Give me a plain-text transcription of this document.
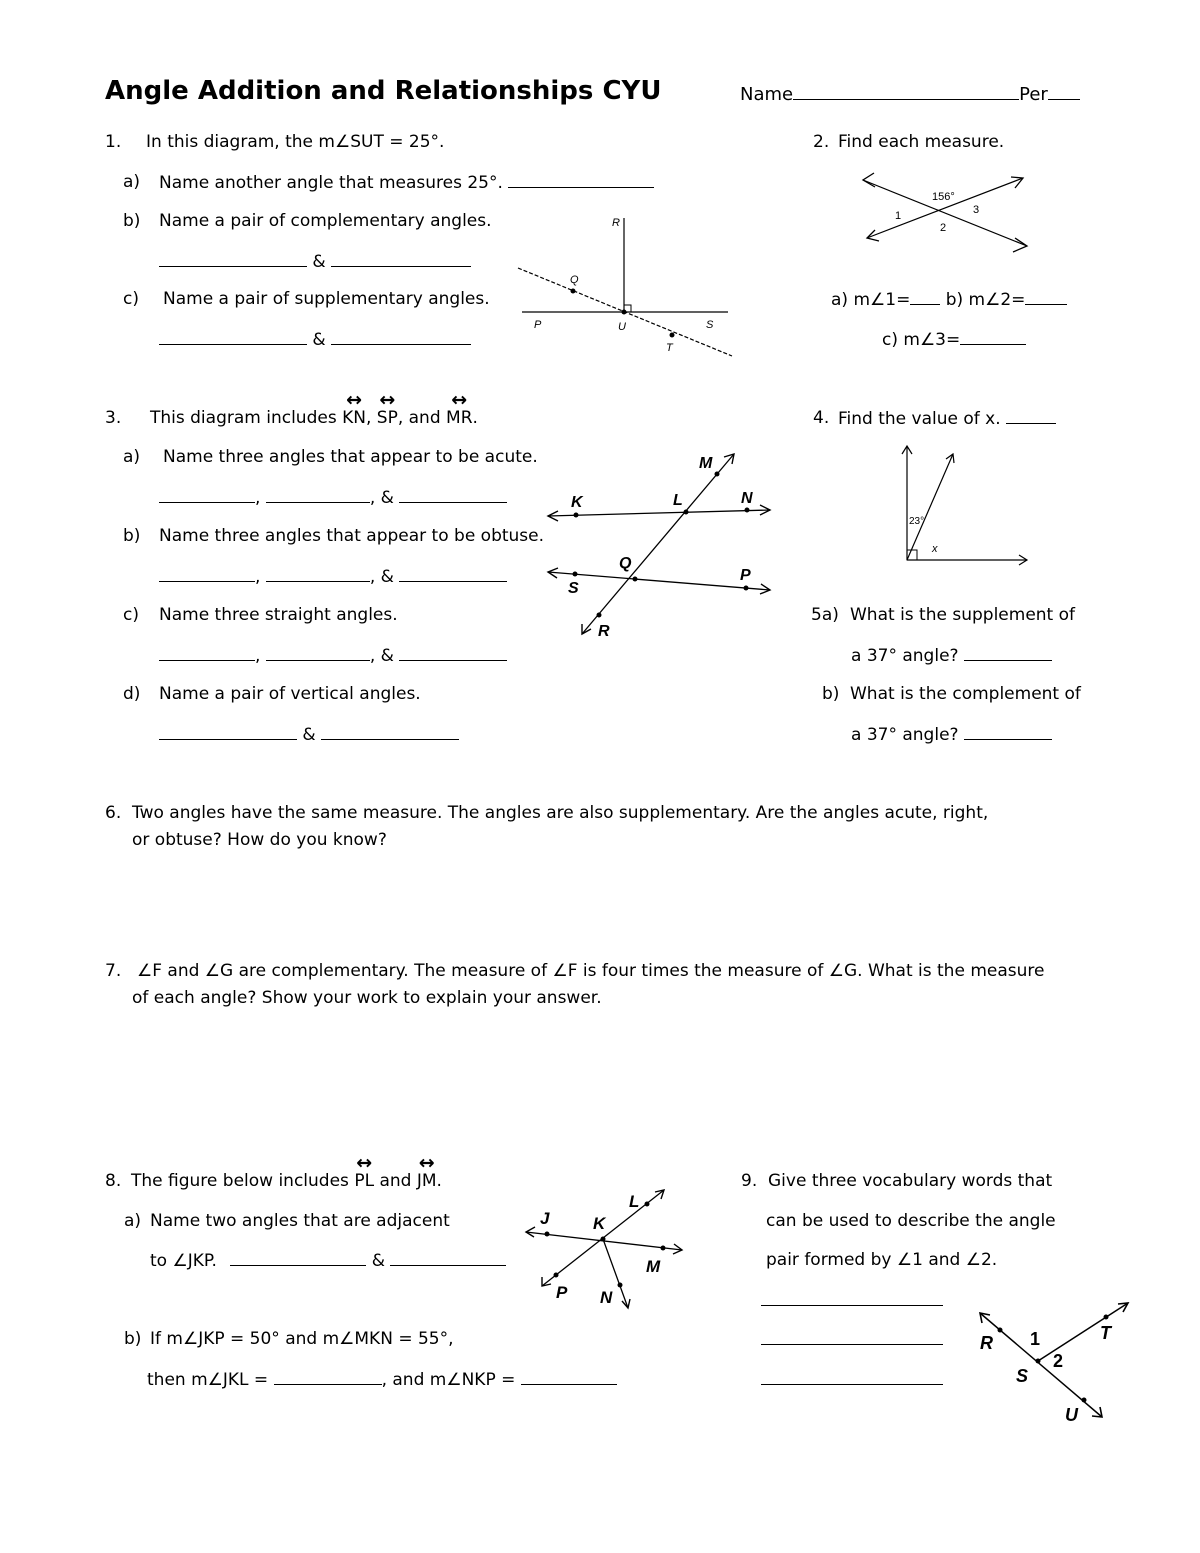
Angle Addition and Relationships CYU	Name	Per
1. In this diagram, the m∠SUT = 25°.
a) Name another angle that measures 25°.
b) Name a pair of complementary angles.
&
c) Name a pair of supplementary angles.
&
R
Q
P	U	S
T
2. Find each measure.
156°
1
2
3
a) m∠1= b) m∠2=
c) m∠3=
3. This diagram includes ↔ KN, ↔ SP, and ↔ MR.
a) Name three angles that appear to be acute.
,	, &
b) Name three angles that appear to be obtuse.
,	, &
c) Name three straight angles.
,	, &
d) Name a pair of vertical angles.
&
M
K	L	N
Q
P
S
R
4. Find the value of x.
23°
x
5a) What is the supplement of
a 37° angle?
b) What is the complement of
a 37° angle?
6. Two angles have the same measure. The angles are also supplementary. Are the angles acute, right,
or obtuse? How do you know?
7. ∠F and ∠G are complementary. The measure of ∠F is four times the measure of ∠G. What is the measure
of each angle? Show your work to explain your answer.
8. The figure below includes ↔ PL and ↔ JM.
a) Name two angles that are adjacent
to ∠JKP.	&
b) If m∠JKP = 50° and m∠MKN = 55°,
then m∠JKL =	, and m∠NKP =
J	K
L
M
P N
9. Give three vocabulary words that
can be used to describe the angle
pair formed by ∠1 and ∠2.
R 1	T
2
S
U
